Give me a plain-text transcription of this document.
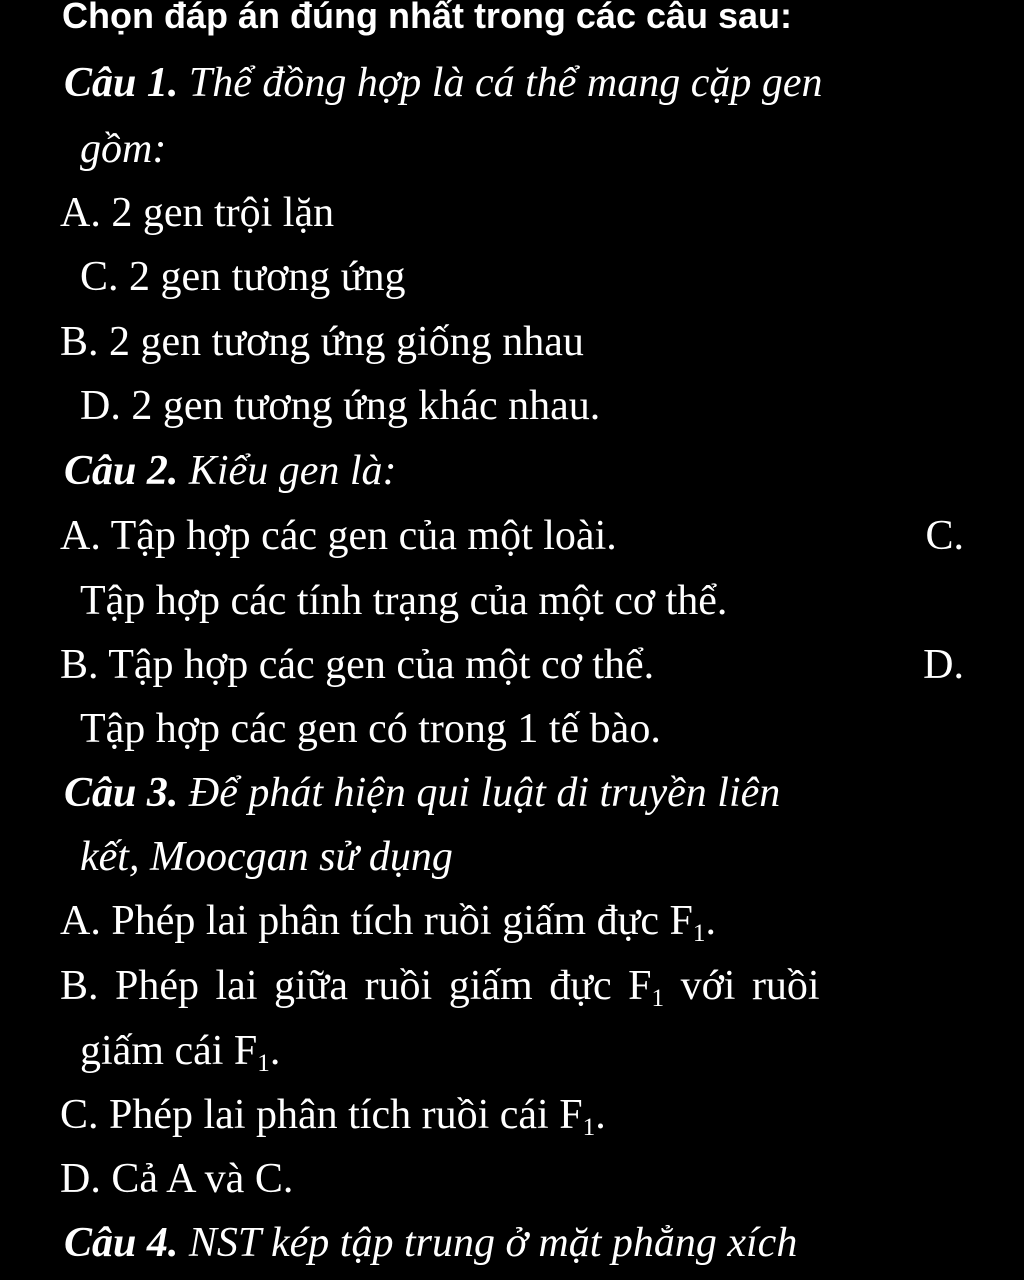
Chọn đáp án đúng nhất trong các câu sau:
Câu 1. Thể đồng hợp là cá thể mang cặp gen
gồm:
A. 2 gen trội lặn
C. 2 gen tương ứng
B. 2 gen tương ứng giống nhau
D. 2 gen tương ứng khác nhau.
Câu 2. Kiểu gen là:
A. Tập hợp các gen của một loài.	C.
Tập hợp các tính trạng của một cơ thể.
B. Tập hợp các gen của một cơ thể.	D.
Tập hợp các gen có trong 1 tế bào.
Câu 3. Để phát hiện qui luật di truyền liên
kết, Moocgan sử dụng
A. Phép lai phân tích ruồi giấm đực $F_1$.
B. Phép lai giữa ruồi giấm đực $F_1$ với ruồi
giấm cái $F_1$.
C. Phép lai phân tích ruồi cái $F_1$.
D. Cả A và C.
Câu 4. NST kép tập trung ở mặt phẳng xích
